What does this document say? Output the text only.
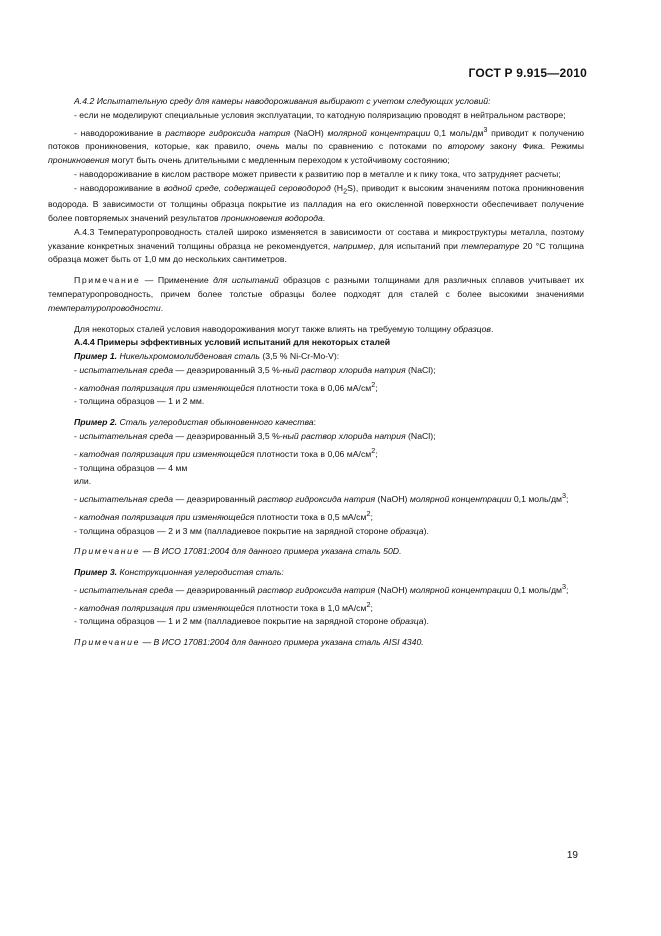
ГОСТ Р 9.915—2010

А.4.2 Испытательную среду для камеры наводороживания выбирают с учетом следующих условий:

- если не моделируют специальные условия эксплуатации, то катодную поляризацию проводят в нейтральном растворе;

- наводороживание в растворе гидроксида натрия (NaOH) молярной концентрации 0,1 моль/$дм^3$ приводит к получению потоков проникновения, которые, как правило, очень малы по сравнению с потоками по второму закону Фика. Режимы проникновения могут быть очень длительными с медленным переходом к устойчивому состоянию;

- наводороживание в кислом растворе может привести к развитию пор в металле и к пику тока, что затрудняет расчеты;

- наводороживание в водной среде, содержащей сероводород $(H_2S)$, приводит к высоким значениям потока проникновения водорода. В зависимости от толщины образца покрытие из палладия на его окисленной поверхности обеспечивает получение более повторяемых значений результатов проникновения водорода.

А.4.3 Температуропроводность сталей широко изменяется в зависимости от состава и микроструктуры металла, поэтому указание конкретных значений толщины образца не рекомендуется, например, для испытаний при температуре 20 °С толщина образца может быть от 1,0 мм до нескольких сантиметров.

Примечание — Применение для испытаний образцов с разными толщинами для различных сплавов учитывает их температуропроводность, причем более толстые образцы более подходят для сталей с более высокими значениями температуропроводности.

Для некоторых сталей условия наводороживания могут также влиять на требуемую толщину образцов.

А.4.4 Примеры эффективных условий испытаний для некоторых сталей

Пример 1. Никельхромомолибденовая сталь (3,5 % Ni-Cr-Mo-V):

- испытательная среда — деаэрированный 3,5 %-ный раствор хлорида натрия (NaCl);

- катодная поляризация при изменяющейся плотности тока в 0,06 $мА/см^2$;

- толщина образцов — 1 и 2 мм.

Пример 2. Сталь углеродистая обыкновенного качества:

- испытательная среда — деаэрированный 3,5 %-ный раствор хлорида натрия (NaCl);

- катодная поляризация при изменяющейся плотности тока в 0,06 $мА/см^2$;

- толщина образцов — 4 мм

или.

- испытательная среда — деаэрированный раствор гидроксида натрия (NaOH) молярной концентрации 0,1 моль/$дм^3$;

- катодная поляризация при изменяющейся плотности тока в 0,5 $мА/см^2$;

- толщина образцов — 2 и 3 мм (палладиевое покрытие на зарядной стороне образца).

Примечание — В ИСО 17081:2004 для данного примера указана сталь 50D.

Пример 3. Конструкционная углеродистая сталь:

- испытательная среда — деаэрированный раствор гидроксида натрия (NaOH) молярной концентрации 0,1 моль/$дм^3$;

- катодная поляризация при изменяющейся плотности тока в 1,0 $мА/см^2$;

- толщина образцов — 1 и 2 мм (палладиевое покрытие на зарядной стороне образца).

Примечание — В ИСО 17081:2004 для данного примера указана сталь AISI 4340.

19
